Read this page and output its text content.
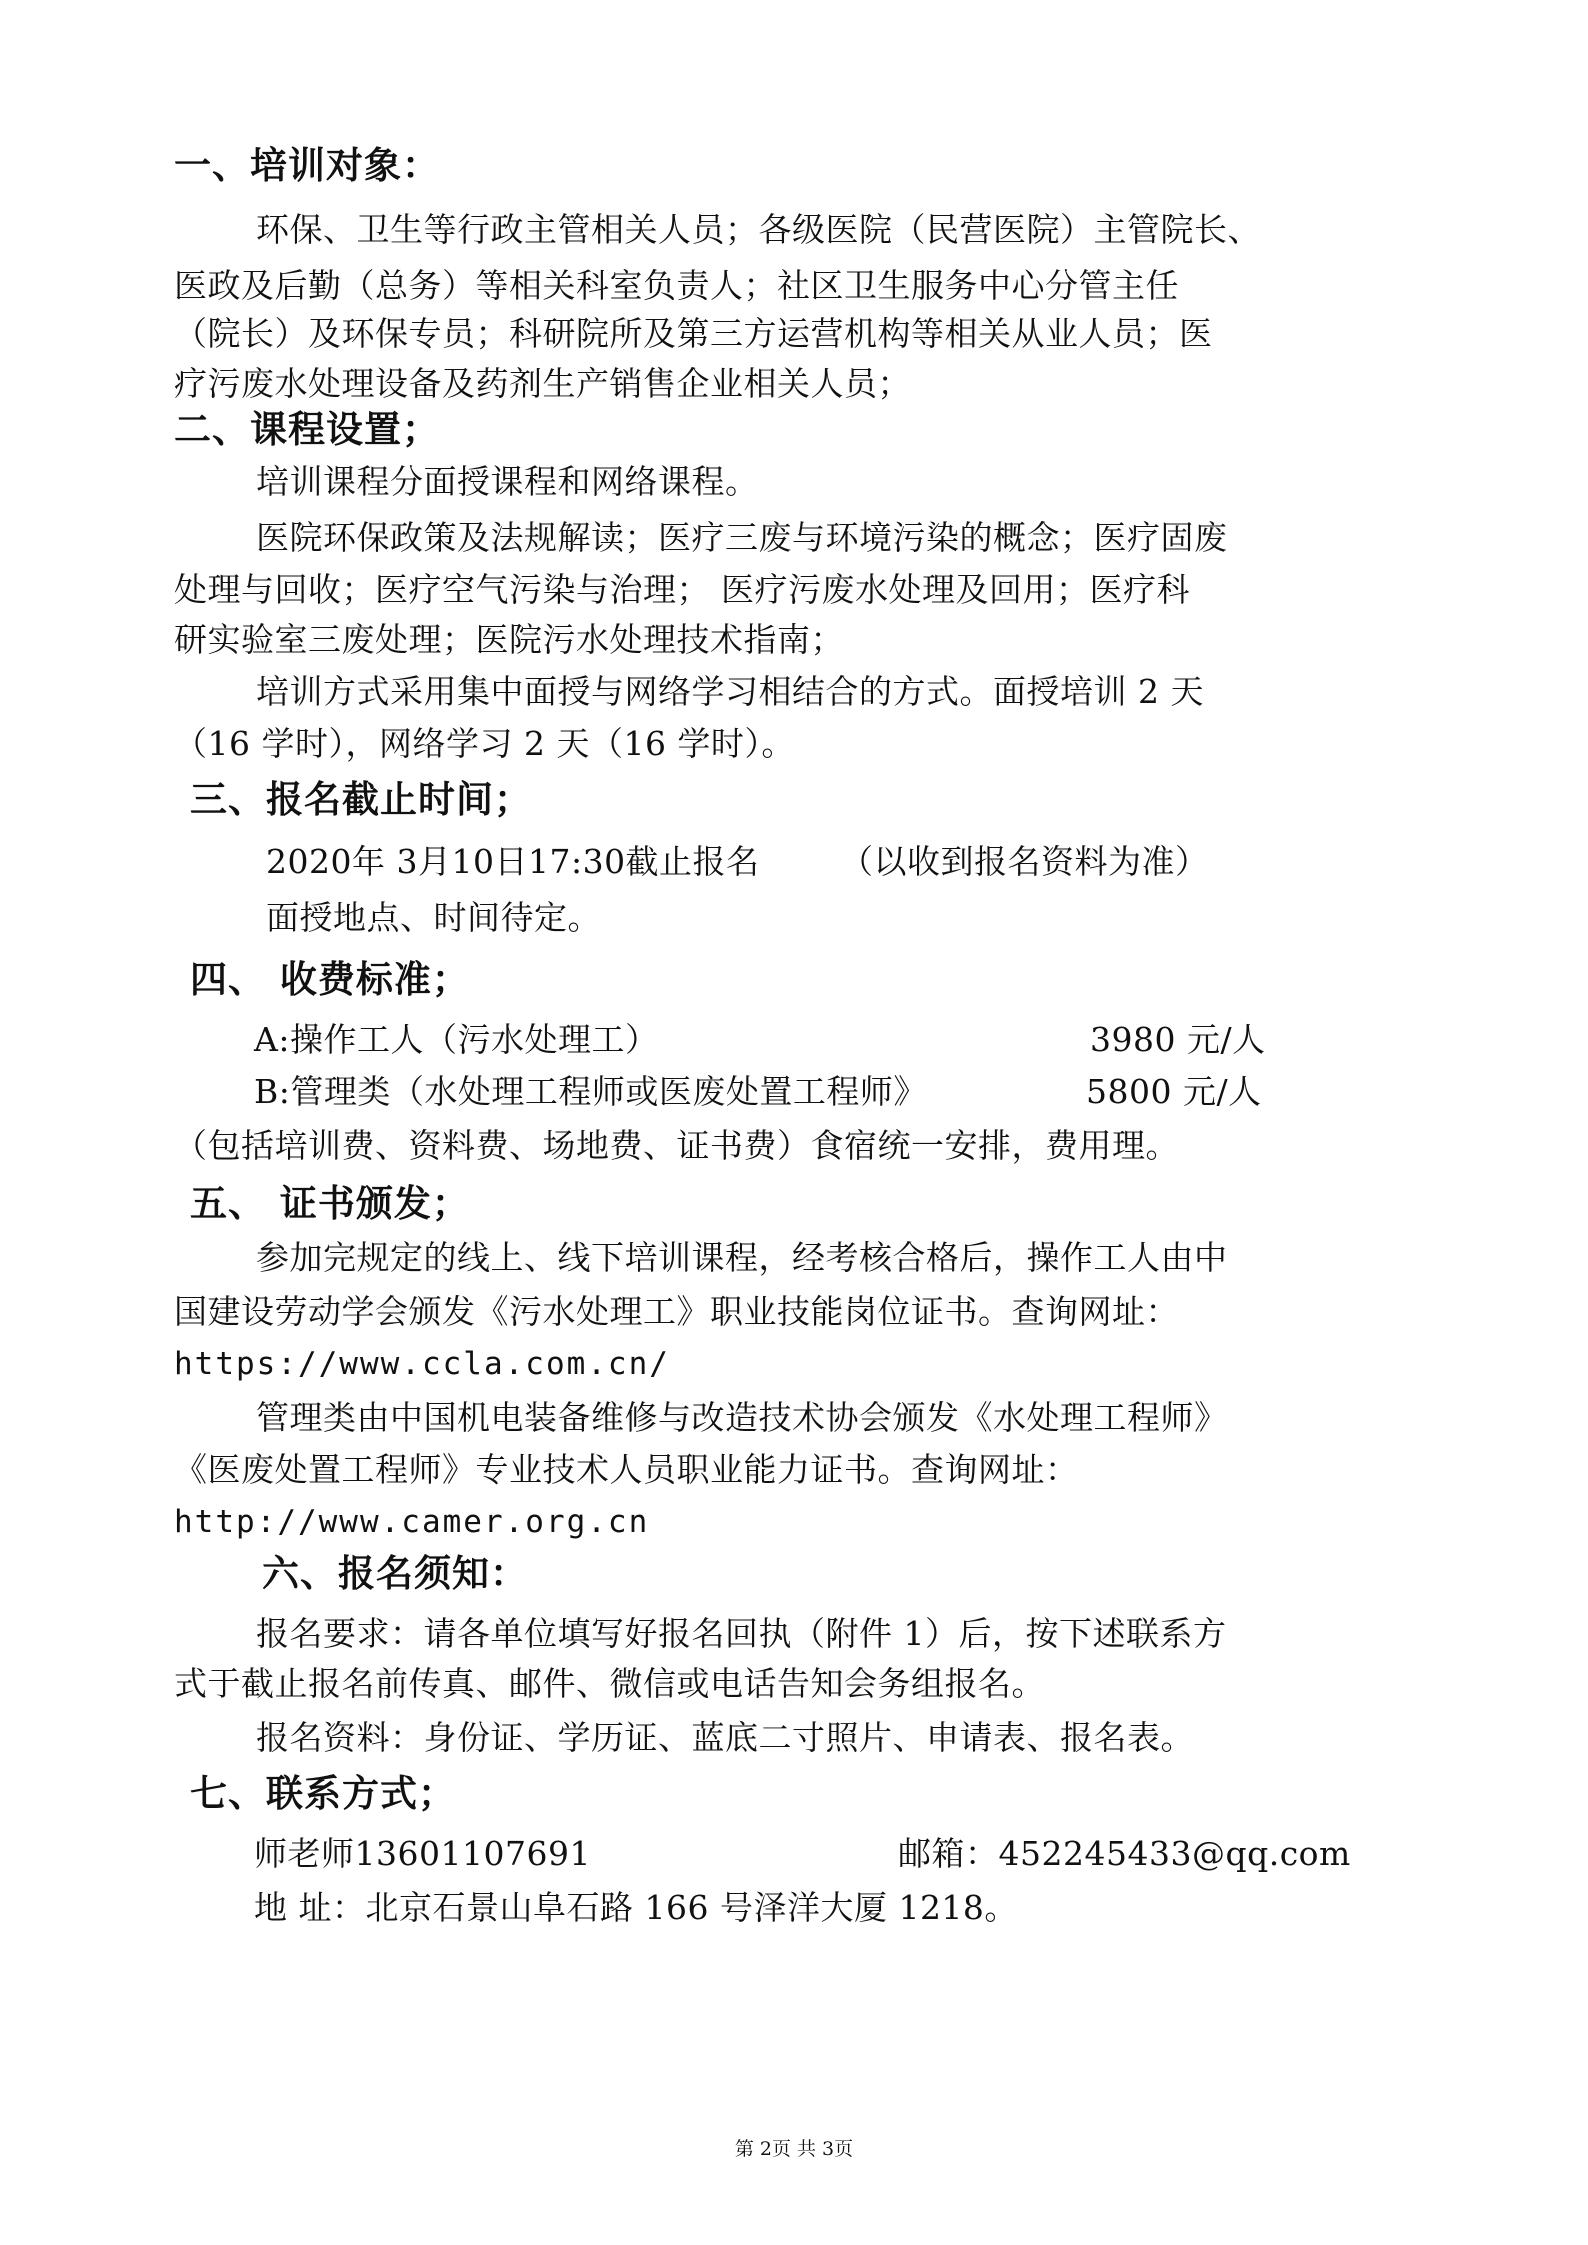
一、培训对象：
环保、卫生等行政主管相关人员；各级医院（民营医院）主管院长、
医政及后勤（总务）等相关科室负责人；社区卫生服务中心分管主任
（院长）及环保专员；科研院所及第三方运营机构等相关从业人员；医
疗污废水处理设备及药剂生产销售企业相关人员；
二、课程设置；
培训课程分面授课程和网络课程。
医院环保政策及法规解读；医疗三废与环境污染的概念；医疗固废
处理与回收；医疗空气污染与治理； 医疗污废水处理及回用；医疗科
研实验室三废处理；医院污水处理技术指南；
培训方式采用集中面授与网络学习相结合的方式。面授培训 2 天
（16 学时），网络学习 2 天（16 学时）。
三、报名截止时间；
2020年 3月10日17:30截止报名 （以收到报名资料为准）
面授地点、时间待定。
四、 收费标准；
A:操作工人（污水处理工）	3980 元/人
B:管理类（水处理工程师或医废处置工程师》	5800 元/人
（包括培训费、资料费、场地费、证书费）食宿统一安排，费用理。
五、 证书颁发；
参加完规定的线上、线下培训课程，经考核合格后，操作工人由中
国建设劳动学会颁发《污水处理工》职业技能岗位证书。查询网址：
https://www.ccla.com.cn/
管理类由中国机电装备维修与改造技术协会颁发《水处理工程师》
《医废处置工程师》专业技术人员职业能力证书。查询网址：
http://www.camer.org.cn
六、报名须知：
报名要求：请各单位填写好报名回执（附件 1）后，按下述联系方
式于截止报名前传真、邮件、微信或电话告知会务组报名。
报名资料：身份证、学历证、蓝底二寸照片、申请表、报名表。
七、联系方式；
师老师13601107691	邮箱：452245433@qq.com
地 址：北京石景山阜石路 166 号泽洋大厦 1218。
第 2页 共 3页
